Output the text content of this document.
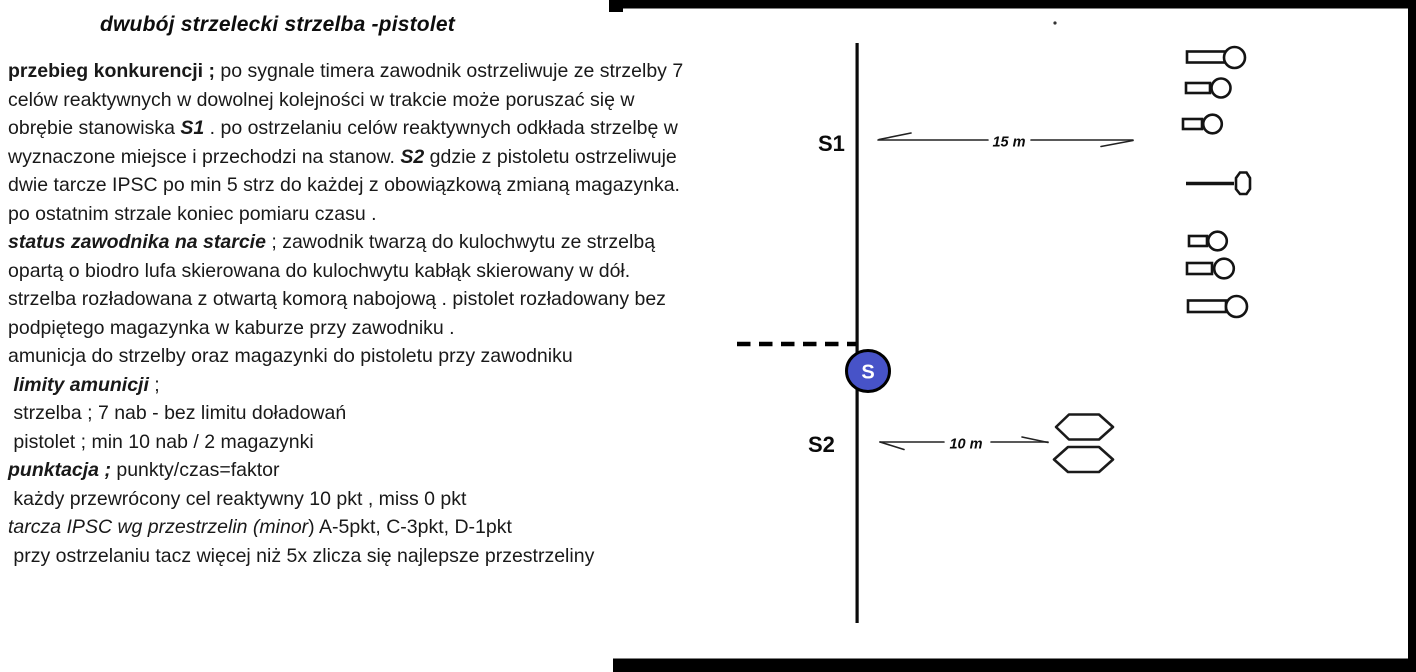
dwubój strzelecki strzelba -pistolet
przebieg konkurencji ; po sygnale timera zawodnik ostrzeliwuje ze strzelby 7
celów reaktywnych w dowolnej kolejności w trakcie może poruszać się w
obrębie stanowiska S1 . po ostrzelaniu celów reaktywnych odkłada strzelbę w
wyznaczone miejsce i przechodzi na stanow. S2 gdzie z pistoletu ostrzeliwuje
dwie tarcze IPSC po min 5 strz do każdej z obowiązkową zmianą magazynka.
po ostatnim strzale koniec pomiaru czasu .
status zawodnika na starcie ; zawodnik twarzą do kulochwytu ze strzelbą
opartą o biodro lufa skierowana do kulochwytu kabłąk skierowany w dół.
strzelba rozładowana z otwartą komorą nabojową . pistolet rozładowany bez
podpiętego magazynka w kaburze przy zawodniku .
amunicja do strzelby oraz magazynki do pistoletu przy zawodniku
limity amunicji ;
strzelba ; 7 nab - bez limitu doładowań
pistolet ; min 10 nab / 2 magazynki
punktacja ; punkty/czas=faktor
każdy przewrócony cel reaktywny 10 pkt , miss 0 pkt
tarcza IPSC wg przestrzelin (minor) A-5pkt, C-3pkt, D-1pkt
przy ostrzelaniu tacz więcej niż 5x zlicza się najlepsze przestrzeliny
S1
S2
15 m
10 m
S
